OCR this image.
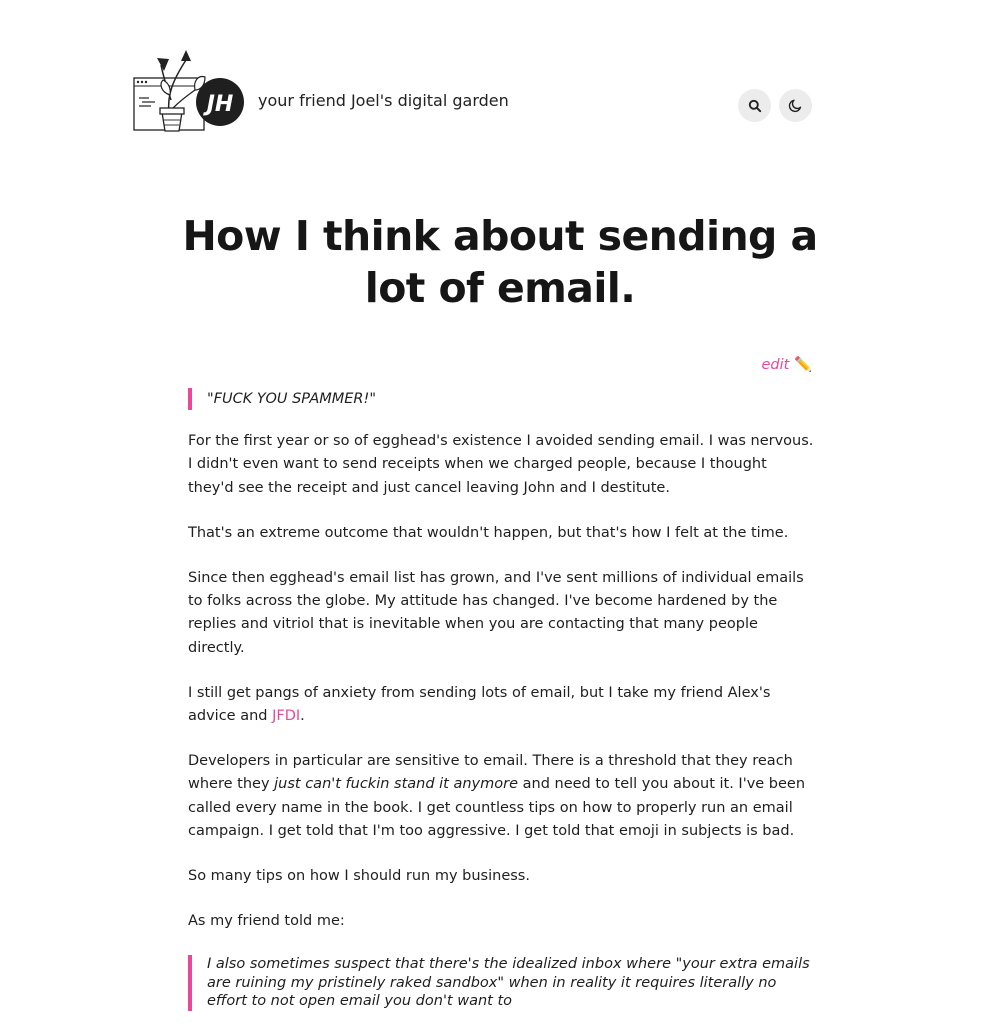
JH your friend Joel's digital garden
How I think about sending a lot of email.
edit ✏️
"FUCK YOU SPAMMER!"

For the first year or so of egghead's existence I avoided sending email. I was nervous. I didn't even want to send receipts when we charged people, because I thought they'd see the receipt and just cancel leaving John and I destitute.

That's an extreme outcome that wouldn't happen, but that's how I felt at the time.

Since then egghead's email list has grown, and I've sent millions of individual emails to folks across the globe. My attitude has changed. I've become hardened by the replies and vitriol that is inevitable when you are contacting that many people directly.

I still get pangs of anxiety from sending lots of email, but I take my friend Alex's advice and JFDI.

Developers in particular are sensitive to email. There is a threshold that they reach where they just can't fuckin stand it anymore and need to tell you about it. I've been called every name in the book. I get countless tips on how to properly run an email campaign. I get told that I'm too aggressive. I get told that emoji in subjects is bad.

So many tips on how I should run my business.

As my friend told me:

I also sometimes suspect that there's the idealized inbox where "your extra emails are ruining my pristinely raked sandbox" when in reality it requires literally no effort to not open email you don't want to
